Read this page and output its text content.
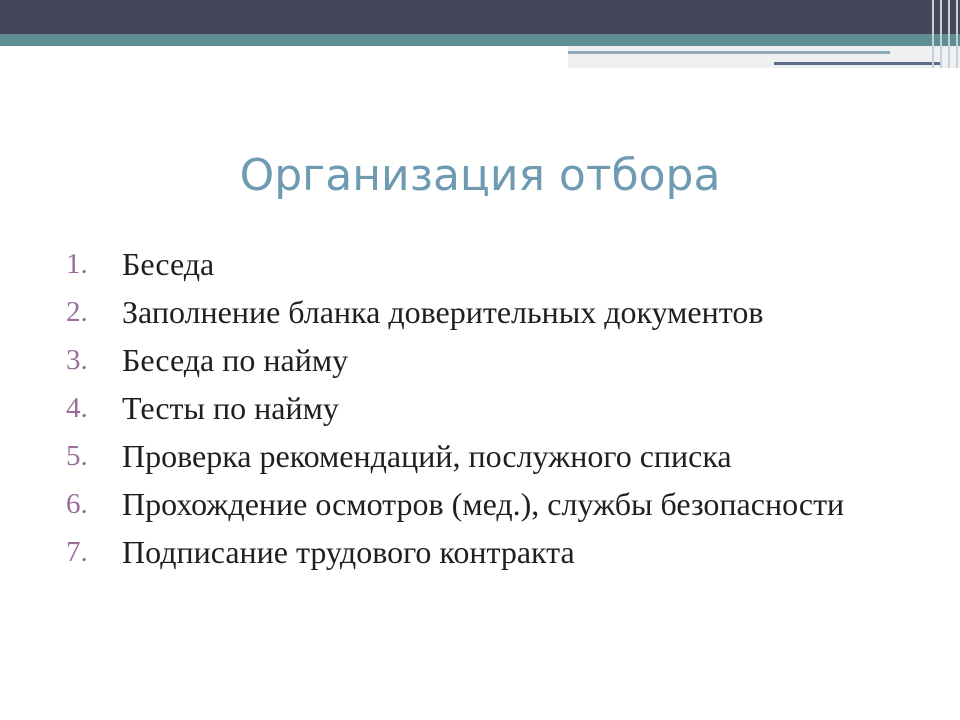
Организация отбора
1.	Беседа
2.	Заполнение бланка доверительных документов
3.	Беседа по найму
4.	Тесты по найму
5.	Проверка рекомендаций, послужного списка
6.	Прохождение осмотров (мед.), службы безопасности
7.	Подписание трудового контракта
